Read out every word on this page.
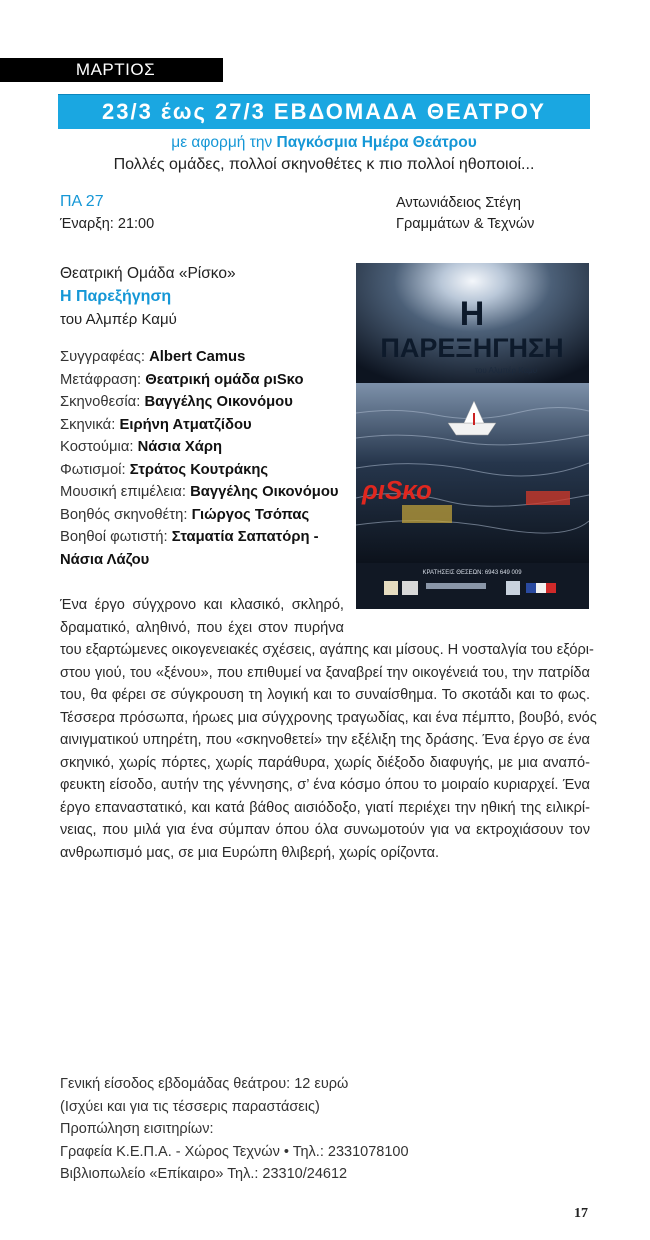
ΜΑΡΤΙΟΣ
23/3 έως 27/3 ΕΒΔΟΜΑΔΑ ΘΕΑΤΡΟΥ
με αφορμή την Παγκόσμια Ημέρα Θεάτρου
Πολλές ομάδες, πολλοί σκηνοθέτες κ πιο πολλοί ηθοποιοί...
ΠΑ 27
Έναρξη: 21:00
Αντωνιάδειος Στέγη
Γραμμάτων & Τεχνών
Θεατρική Ομάδα «Ρίσκο»
Η Παρεξήγηση
του Αλμπέρ Καμύ
Συγγραφέας: Albert Camus
Μετάφραση: Θεατρική ομάδα ριSκο
Σκηνοθεσία: Βαγγέλης Οικονόμου
Σκηνικά: Ειρήνη Ατματζίδου
Κοστούμια: Νάσια Χάρη
Φωτισμοί: Στράτος Κουτράκης
Μουσική επιμέλεια: Βαγγέλης Οικονόμου
Βοηθός σκηνοθέτη: Γιώργος Τσόπας
Βοηθοί φωτιστή: Σταματία Σαπατόρη -
Νάσια Λάζου
Η
ΠΑΡΕΞΗΓΗΣΗ
του Αλμπέρ Καμύ
ριSκο
ΚΡΑΤΗΣΕΙΣ ΘΕΣΕΩΝ: 6943 649 009
Ένα έργο σύγχρονο και κλασικό, σκληρό,
δραματικό, αληθινό, που έχει στον πυρήνα
του εξαρτώμενες οικογενειακές σχέσεις, αγάπης και μίσους. Η νοσταλγία του εξόρι-
στου γιού, του «ξένου», που επιθυμεί να ξαναβρεί την οικογένειά του, την πατρίδα
του, θα φέρει σε σύγκρουση τη λογική και το συναίσθημα. Το σκοτάδι και το φως.
Τέσσερα πρόσωπα, ήρωες μια σύγχρονης τραγωδίας, και ένα πέμπτο, βουβό, ενός
αινιγματικού υπηρέτη, που «σκηνοθετεί» την εξέλιξη της δράσης. Ένα έργο σε ένα
σκηνικό, χωρίς πόρτες, χωρίς παράθυρα, χωρίς διέξοδο διαφυγής, με μια αναπό-
φευκτη είσοδο, αυτήν της γέννησης, σ’ ένα κόσμο όπου το μοιραίο κυριαρχεί. Ένα
έργο επαναστατικό, και κατά βάθος αισιόδοξο, γιατί περιέχει την ηθική της ειλικρί-
νειας, που μιλά για ένα σύμπαν όπου όλα συνωμοτούν για να εκτροχιάσουν τον
ανθρωπισμό μας, σε μια Ευρώπη θλιβερή, χωρίς ορίζοντα.
Γενική είσοδος εβδομάδας θεάτρου: 12 ευρώ
(Ισχύει και για τις τέσσερις παραστάσεις)
Προπώληση εισιτηρίων:
Γραφεία Κ.Ε.Π.Α. - Χώρος Τεχνών • Τηλ.: 2331078100
Βιβλιοπωλείο «Επίκαιρο» Τηλ.: 23310/24612
17
